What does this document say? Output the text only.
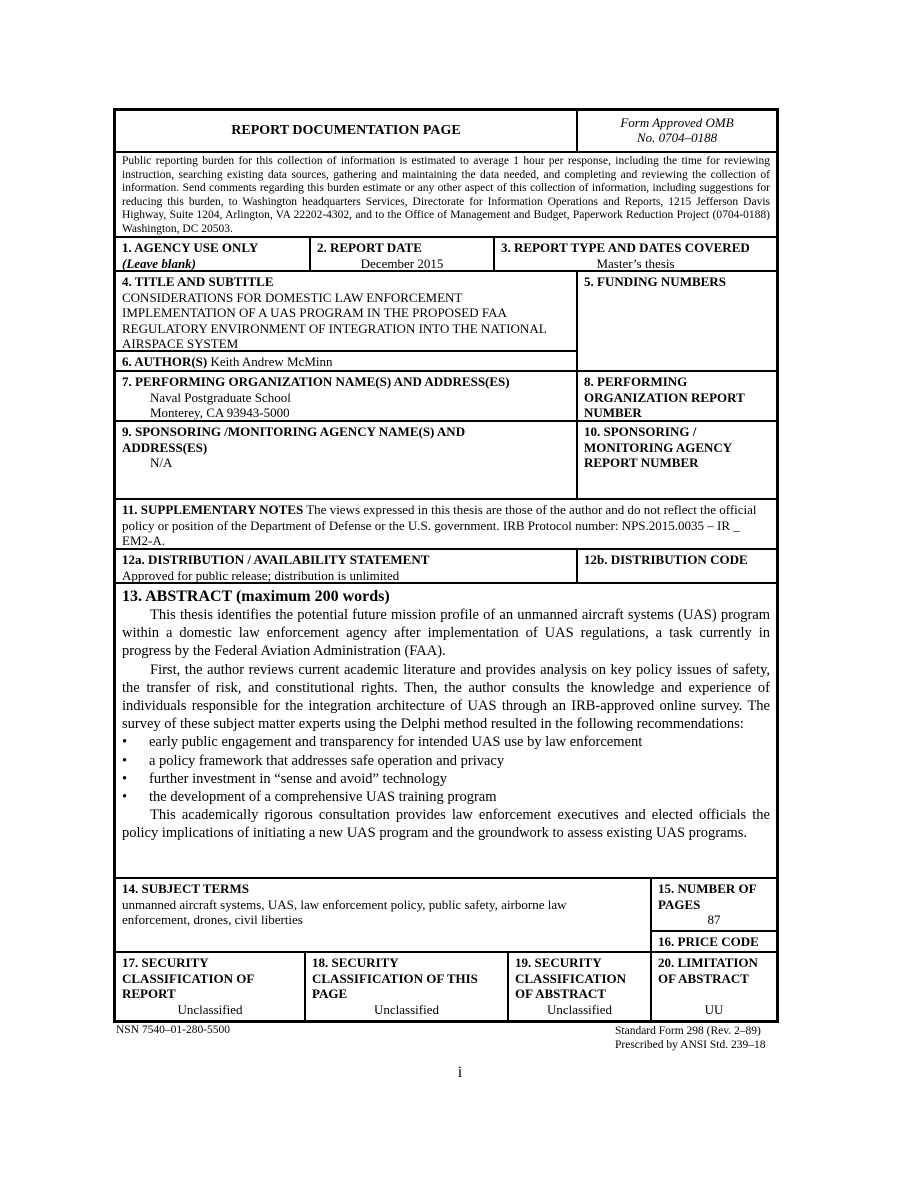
REPORT DOCUMENTATION PAGE
Form Approved OMB
No. 0704–0188
Public reporting burden for this collection of information is estimated to average 1 hour per response, including the time for reviewing instruction, searching existing data sources, gathering and maintaining the data needed, and completing and reviewing the collection of information. Send comments regarding this burden estimate or any other aspect of this collection of information, including suggestions for reducing this burden, to Washington headquarters Services, Directorate for Information Operations and Reports, 1215 Jefferson Davis Highway, Suite 1204, Arlington, VA 22202-4302, and to the Office of Management and Budget, Paperwork Reduction Project (0704-0188) Washington, DC 20503.
1. AGENCY USE ONLY
(Leave blank)
2. REPORT DATE
December 2015
3. REPORT TYPE AND DATES COVERED
Master’s thesis
4. TITLE AND SUBTITLE
CONSIDERATIONS FOR DOMESTIC LAW ENFORCEMENT IMPLEMENTATION OF A UAS PROGRAM IN THE PROPOSED FAA REGULATORY ENVIRONMENT OF INTEGRATION INTO THE NATIONAL AIRSPACE SYSTEM
6. AUTHOR(S) Keith Andrew McMinn
5. FUNDING NUMBERS
7. PERFORMING ORGANIZATION NAME(S) AND ADDRESS(ES)
Naval Postgraduate School
Monterey, CA 93943-5000
8. PERFORMING
ORGANIZATION REPORT
NUMBER
9. SPONSORING /MONITORING AGENCY NAME(S) AND
ADDRESS(ES)
N/A
10. SPONSORING /
MONITORING AGENCY
REPORT NUMBER
11. SUPPLEMENTARY NOTES The views expressed in this thesis are those of the author and do not reflect the official policy or position of the Department of Defense or the U.S. government. IRB Protocol number: NPS.2015.0035 – IR _ EM2-A.
12a. DISTRIBUTION / AVAILABILITY STATEMENT
Approved for public release; distribution is unlimited
12b. DISTRIBUTION CODE
13. ABSTRACT (maximum 200 words)

This thesis identifies the potential future mission profile of an unmanned aircraft systems (UAS) program within a domestic law enforcement agency after implementation of UAS regulations, a task currently in progress by the Federal Aviation Administration (FAA).

First, the author reviews current academic literature and provides analysis on key policy issues of safety, the transfer of risk, and constitutional rights. Then, the author consults the knowledge and experience of individuals responsible for the integration architecture of UAS through an IRB-approved online survey. The survey of these subject matter experts using the Delphi method resulted in the following recommendations:

•	early public engagement and transparency for intended UAS use by law enforcement
•	a policy framework that addresses safe operation and privacy
•	further investment in “sense and avoid” technology
•	the development of a comprehensive UAS training program

This academically rigorous consultation provides law enforcement executives and elected officials the policy implications of initiating a new UAS program and the groundwork to assess existing UAS programs.

14. SUBJECT TERMS
unmanned aircraft systems, UAS, law enforcement policy, public safety, airborne law enforcement, drones, civil liberties
15. NUMBER OF
PAGES
87
16. PRICE CODE
17. SECURITY
CLASSIFICATION OF
REPORT
Unclassified
18. SECURITY
CLASSIFICATION OF THIS
PAGE
Unclassified
19. SECURITY
CLASSIFICATION
OF ABSTRACT
Unclassified
20. LIMITATION
OF ABSTRACT
UU
NSN 7540–01-280-5500	Standard Form 298 (Rev. 2–89)
Prescribed by ANSI Std. 239–18
i
